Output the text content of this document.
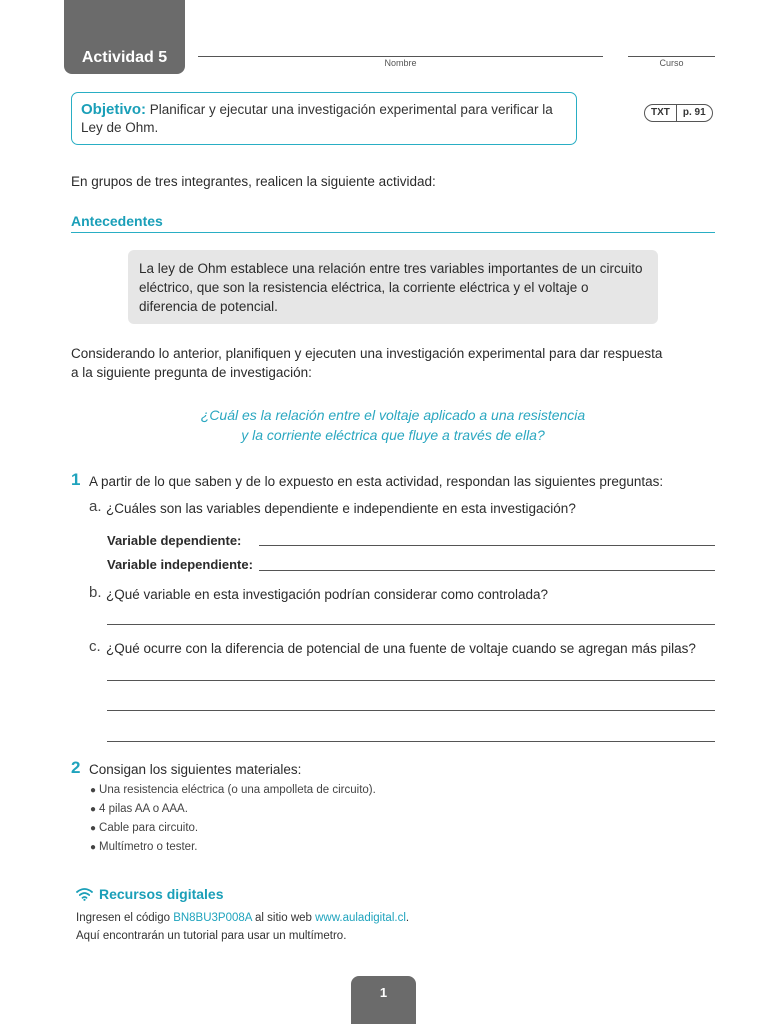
Actividad 5	Nombre	Curso
Objetivo: Planificar y ejecutar una investigación experimental para verificar la Ley de Ohm.
TXT	p. 91
En grupos de tres integrantes, realicen la siguiente actividad:
Antecedentes
La ley de Ohm establece una relación entre tres variables importantes de un circuito eléctrico, que son la resistencia eléctrica, la corriente eléctrica y el voltaje o diferencia de potencial.
Considerando lo anterior, planifiquen y ejecuten una investigación experimental para dar respuesta a la siguiente pregunta de investigación:
¿Cuál es la relación entre el voltaje aplicado a una resistencia
y la corriente eléctrica que fluye a través de ella?
1 A partir de lo que saben y de lo expuesto en esta actividad, respondan las siguientes preguntas:
a. ¿Cuáles son las variables dependiente e independiente en esta investigación?
Variable dependiente:
Variable independiente:
b. ¿Qué variable en esta investigación podrían considerar como controlada?
c. ¿Qué ocurre con la diferencia de potencial de una fuente de voltaje cuando se agregan más pilas?
2 Consigan los siguientes materiales:
● Una resistencia eléctrica (o una ampolleta de circuito).
● 4 pilas AA o AAA.
● Cable para circuito.
● Multímetro o tester.
Recursos digitales
Ingresen el código BN8BU3P008A al sitio web www.auladigital.cl.
Aquí encontrarán un tutorial para usar un multímetro.
1
